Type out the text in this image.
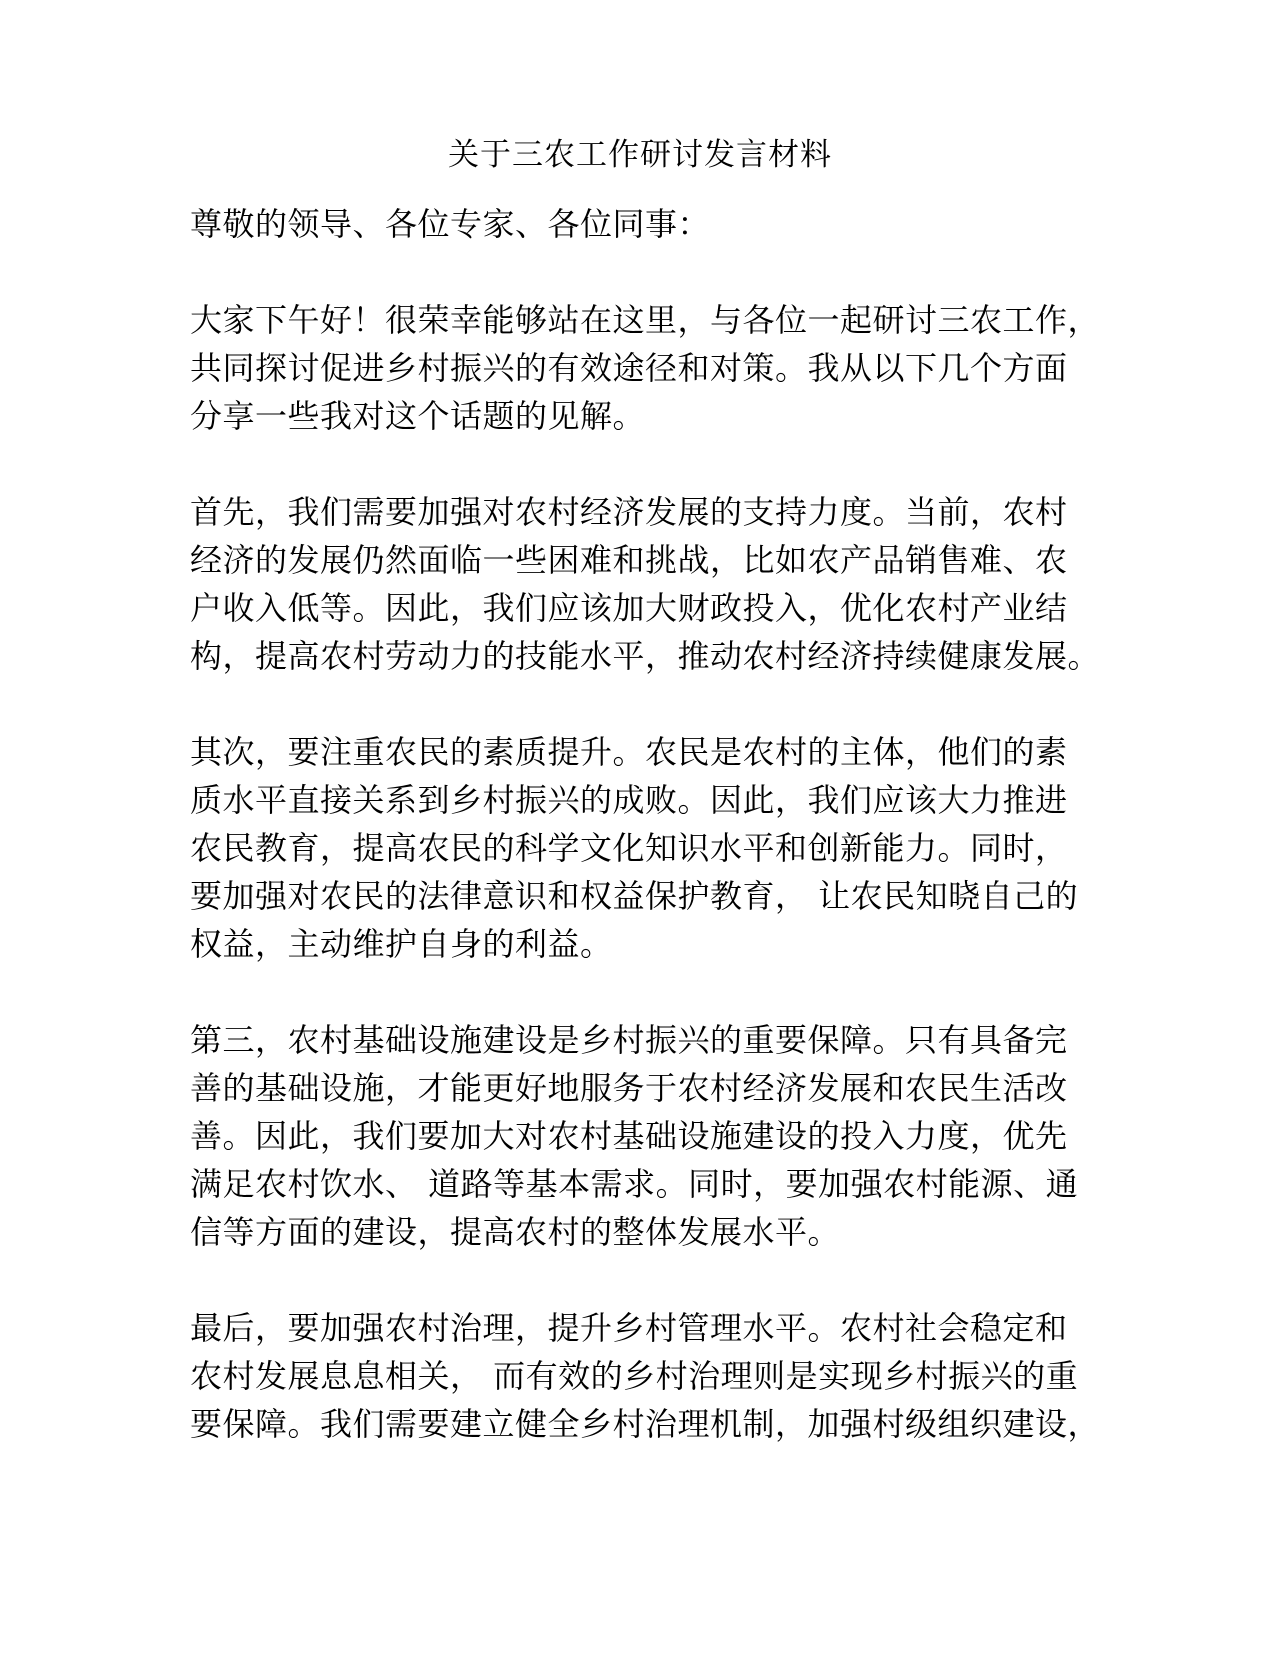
关于三农工作研讨发言材料

尊敬的领导、各位专家、各位同事：

大家下午好！很荣幸能够站在这里，与各位一起研讨三农工作，
共同探讨促进乡村振兴的有效途径和对策。我从以下几个方面
分享一些我对这个话题的见解。

首先，我们需要加强对农村经济发展的支持力度。当前，农村
经济的发展仍然面临一些困难和挑战，比如农产品销售难、农
户收入低等。因此，我们应该加大财政投入，优化农村产业结
构，提高农村劳动力的技能水平，推动农村经济持续健康发展。

其次，要注重农民的素质提升。农民是农村的主体，他们的素
质水平直接关系到乡村振兴的成败。因此，我们应该大力推进
农民教育，提高农民的科学文化知识水平和创新能力。同时，
要加强对农民的法律意识和权益保护教育， 让农民知晓自己的
权益，主动维护自身的利益。

第三，农村基础设施建设是乡村振兴的重要保障。只有具备完
善的基础设施，才能更好地服务于农村经济发展和农民生活改
善。因此，我们要加大对农村基础设施建设的投入力度，优先
满足农村饮水、 道路等基本需求。同时，要加强农村能源、通
信等方面的建设，提高农村的整体发展水平。

最后，要加强农村治理，提升乡村管理水平。农村社会稳定和
农村发展息息相关， 而有效的乡村治理则是实现乡村振兴的重
要保障。我们需要建立健全乡村治理机制，加强村级组织建设，
